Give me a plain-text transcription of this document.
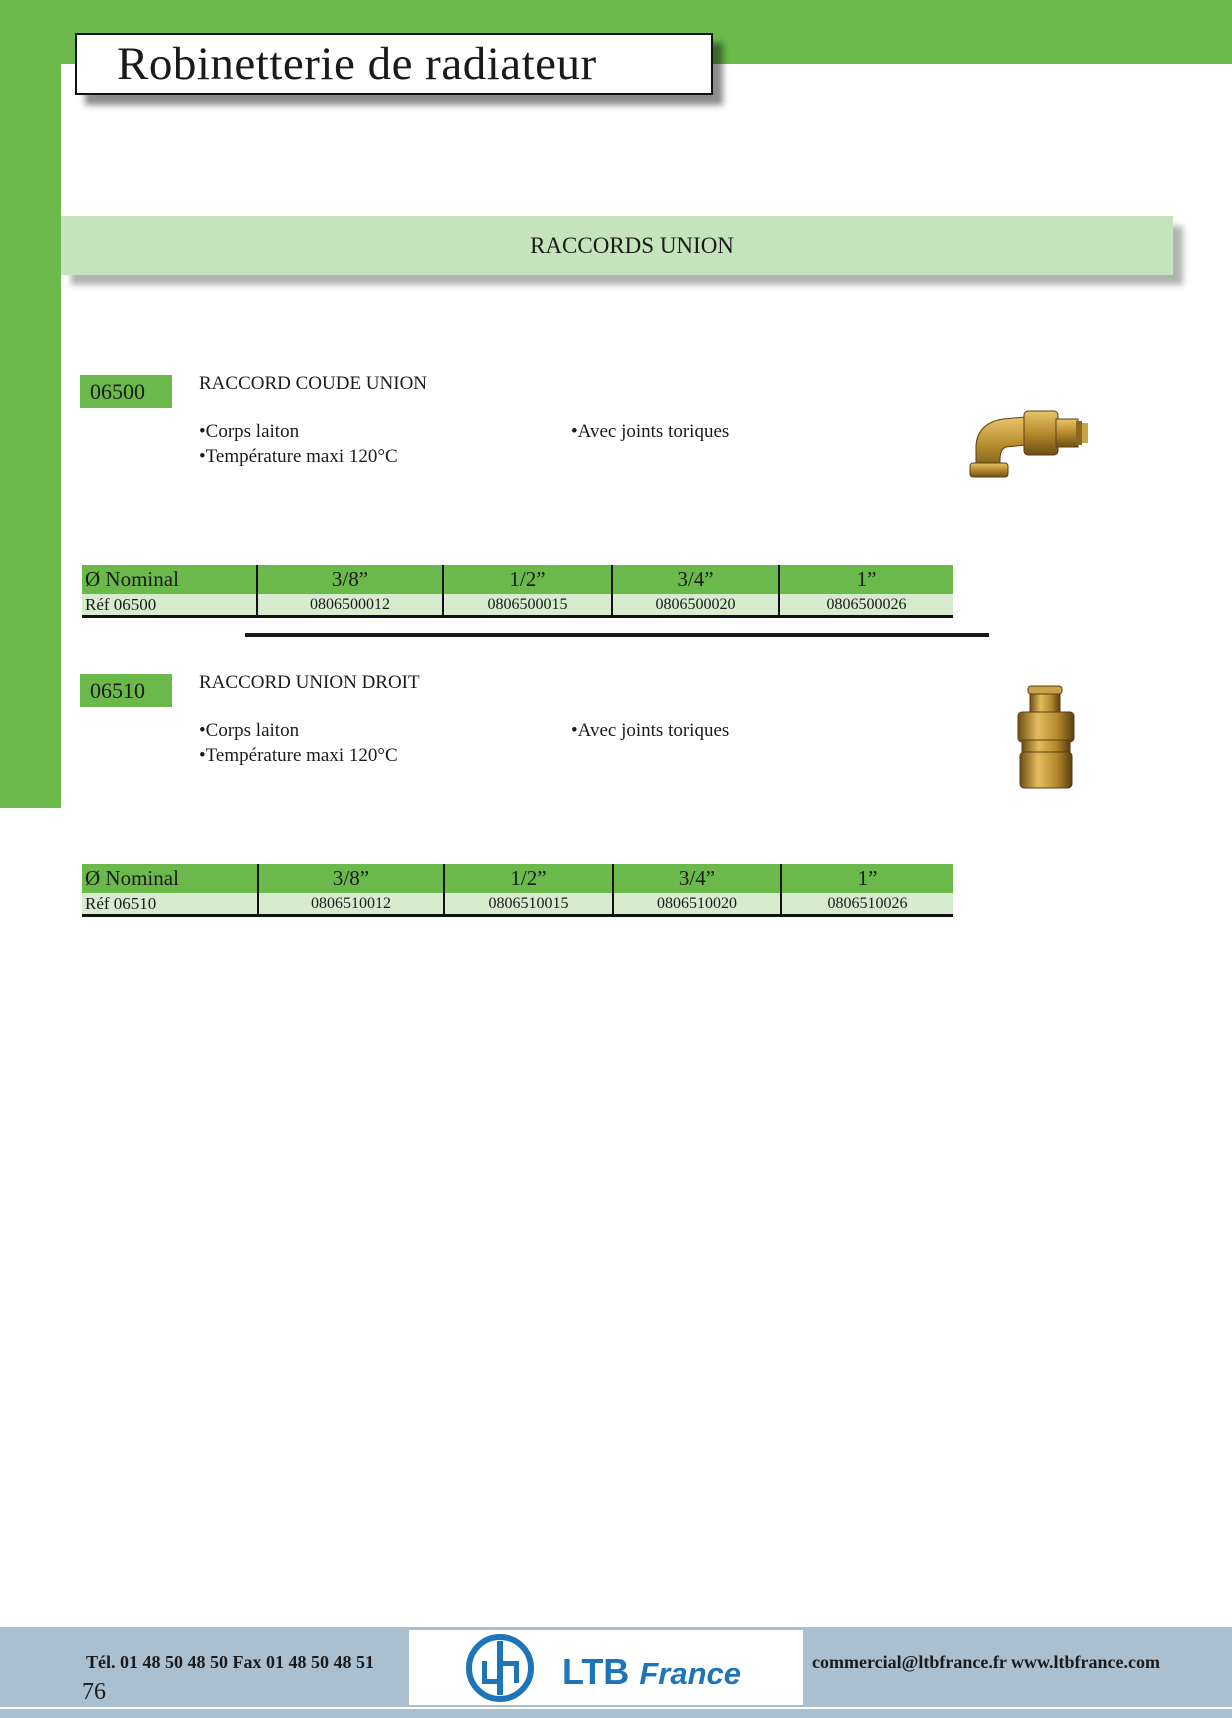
Robinetterie de radiateur
RACCORDS UNION
06500	RACCORD COUDE UNION
• Corps laiton
• Température maxi 120°C
• Avec joints toriques
Ø Nominal	3/8”	1/2”	3/4”	1”
Réf 06500	0806500012	0806500015	0806500020	0806500026
06510	RACCORD UNION DROIT
• Corps laiton
• Température maxi 120°C
• Avec joints toriques
Ø Nominal	3/8”	1/2”	3/4”	1”
Réf 06510	0806510012	0806510015	0806510020	0806510026
Tél. 01 48 50 48 50 Fax 01 48 50 48 51	commercial@ltbfrance.fr www.ltbfrance.com
76	LTB France
